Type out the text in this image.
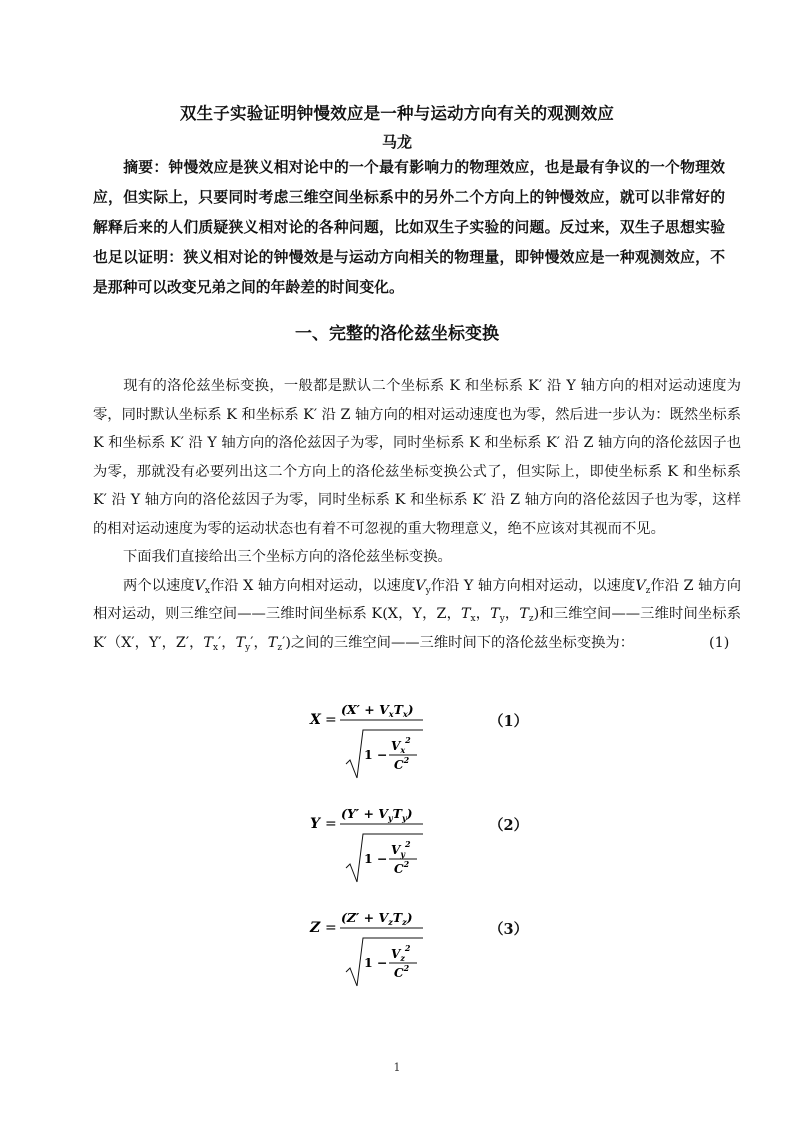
双生子实验证明钟慢效应是一种与运动方向有关的观测效应
马龙
摘要：钟慢效应是狭义相对论中的一个最有影响力的物理效应，也是最有争议的一个物理效应，但实际上，只要同时考虑三维空间坐标系中的另外二个方向上的钟慢效应，就可以非常好的解释后来的人们质疑狭义相对论的各种问题，比如双生子实验的问题。反过来，双生子思想实验也足以证明：狭义相对论的钟慢效是与运动方向相关的物理量，即钟慢效应是一种观测效应，不是那种可以改变兄弟之间的年龄差的时间变化。
一、完整的洛伦兹坐标变换

现有的洛伦兹坐标变换，一般都是默认二个坐标系 K 和坐标系 K′ 沿 Y 轴方向的相对运动速度为零，同时默认坐标系 K 和坐标系 K′ 沿 Z 轴方向的相对运动速度也为零，然后进一步认为：既然坐标系 K 和坐标系 K′ 沿 Y 轴方向的洛伦兹因子为零，同时坐标系 K 和坐标系 K′ 沿 Z 轴方向的洛伦兹因子也为零，那就没有必要列出这二个方向上的洛伦兹坐标变换公式了，但实际上，即使坐标系 K 和坐标系 K′ 沿 Y 轴方向的洛伦兹因子为零，同时坐标系 K 和坐标系 K′ 沿 Z 轴方向的洛伦兹因子也为零，这样的相对运动速度为零的运动状态也有着不可忽视的重大物理意义，绝不应该对其视而不见。

下面我们直接给出三个坐标方向的洛伦兹坐标变换。

两个以速度$V_x$作沿 X 轴方向相对运动，以速度$V_y$作沿 Y 轴方向相对运动，以速度$V_z$作沿 Z 轴方向相对运动，则三维空间——三维时间坐标系 K(X，Y，Z，$T_x$，$T_y$，$T_z$)和三维空间——三维时间坐标系 K′（X′，Y′，Z′，$T_x'$，$T_y'$，$T_z'$)之间的三维空间——三维时间下的洛伦兹坐标变换为：	(1)

X =
$(X' + V_xT_x)$
1 −
$V_x^2$
$C^2$
（1）
Y =
$(Y' + V_yT_y)$
1 −
$V_y^2$
$C^2$
（2）
Z =
$(Z' + V_zT_z)$
1 −
$V_z^2$
$C^2$
（3）
1
